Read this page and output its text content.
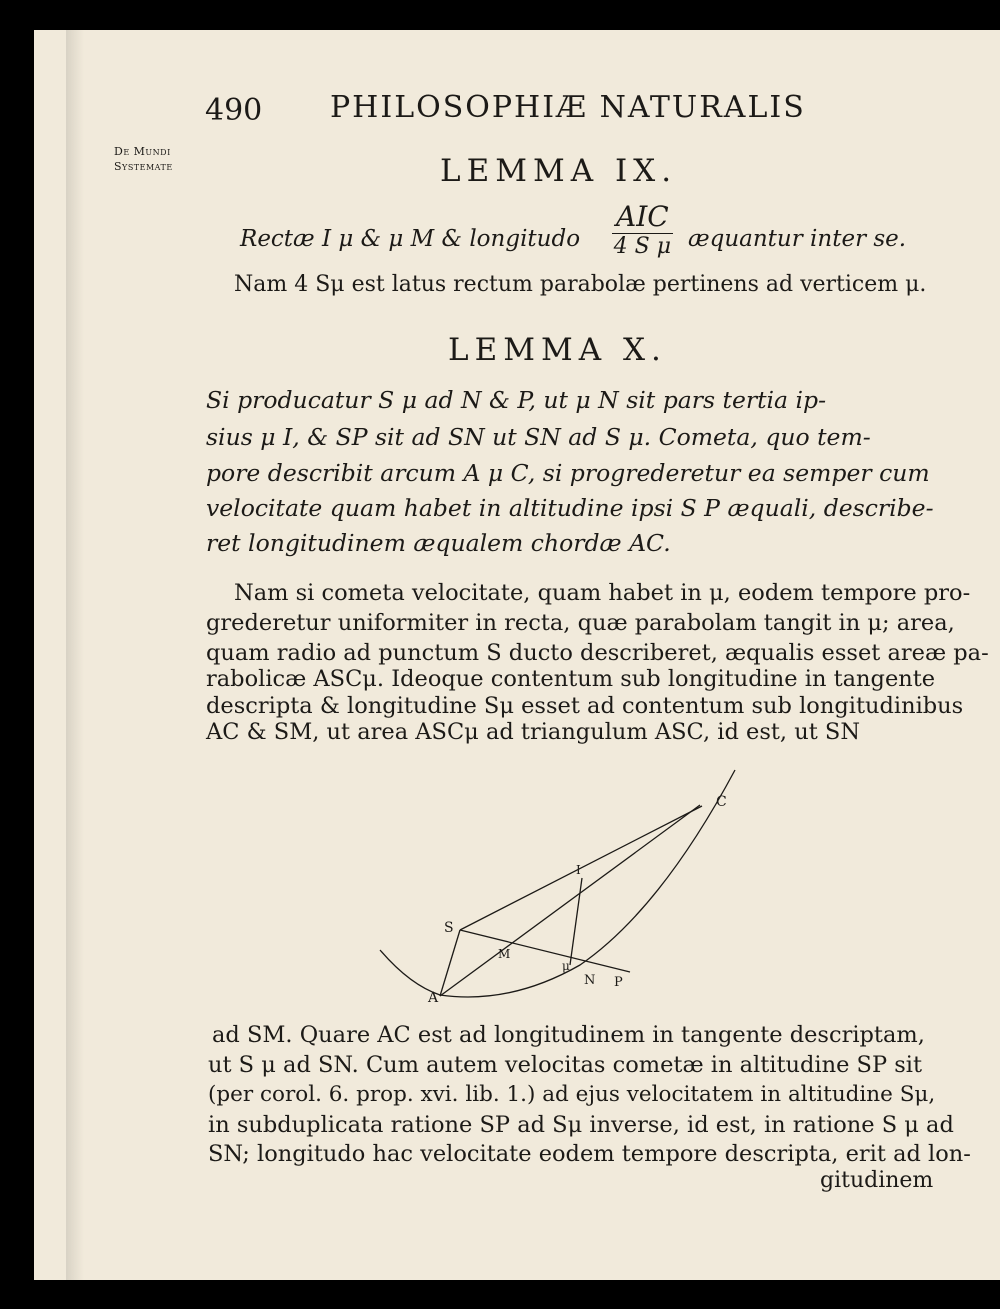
490 PHILOSOPHIÆ NATURALIS
De Mundi
Systemate	LEMMA IX.
Rectæ I μ & μ M & longitudo
AIC
4 S μ æquantur inter se.
Nam 4 Sμ est latus rectum parabolæ pertinens ad verticem μ.
LEMMA X.
Si producatur S μ ad N & P, ut μ N sit pars tertia ip-
sius μ I, & SP sit ad SN ut SN ad S μ. Cometa, quo tem-
pore describit arcum A μ C, si progrederetur ea semper cum
velocitate quam habet in altitudine ipsi S P æquali, describe-
ret longitudinem æqualem chordæ AC.
Nam si cometa velocitate, quam habet in μ, eodem tempore pro-
grederetur uniformiter in recta, quæ parabolam tangit in μ; area,
quam radio ad punctum S ducto describeret, æqualis esset areæ pa-
rabolicæ ASCμ. Ideoque contentum sub longitudine in tangente
descripta & longitudine Sμ esset ad contentum sub longitudinibus
AC & SM, ut area ASCμ ad triangulum ASC, id est, ut SN
C
I
S
M
μ
N P
A
ad SM. Quare AC est ad longitudinem in tangente descriptam,
ut S μ ad SN. Cum autem velocitas cometæ in altitudine SP sit
(per corol. 6. prop. xvi. lib. 1.) ad ejus velocitatem in altitudine Sμ,
in subduplicata ratione SP ad Sμ inverse, id est, in ratione S μ ad
SN; longitudo hac velocitate eodem tempore descripta, erit ad lon-
gitudinem
